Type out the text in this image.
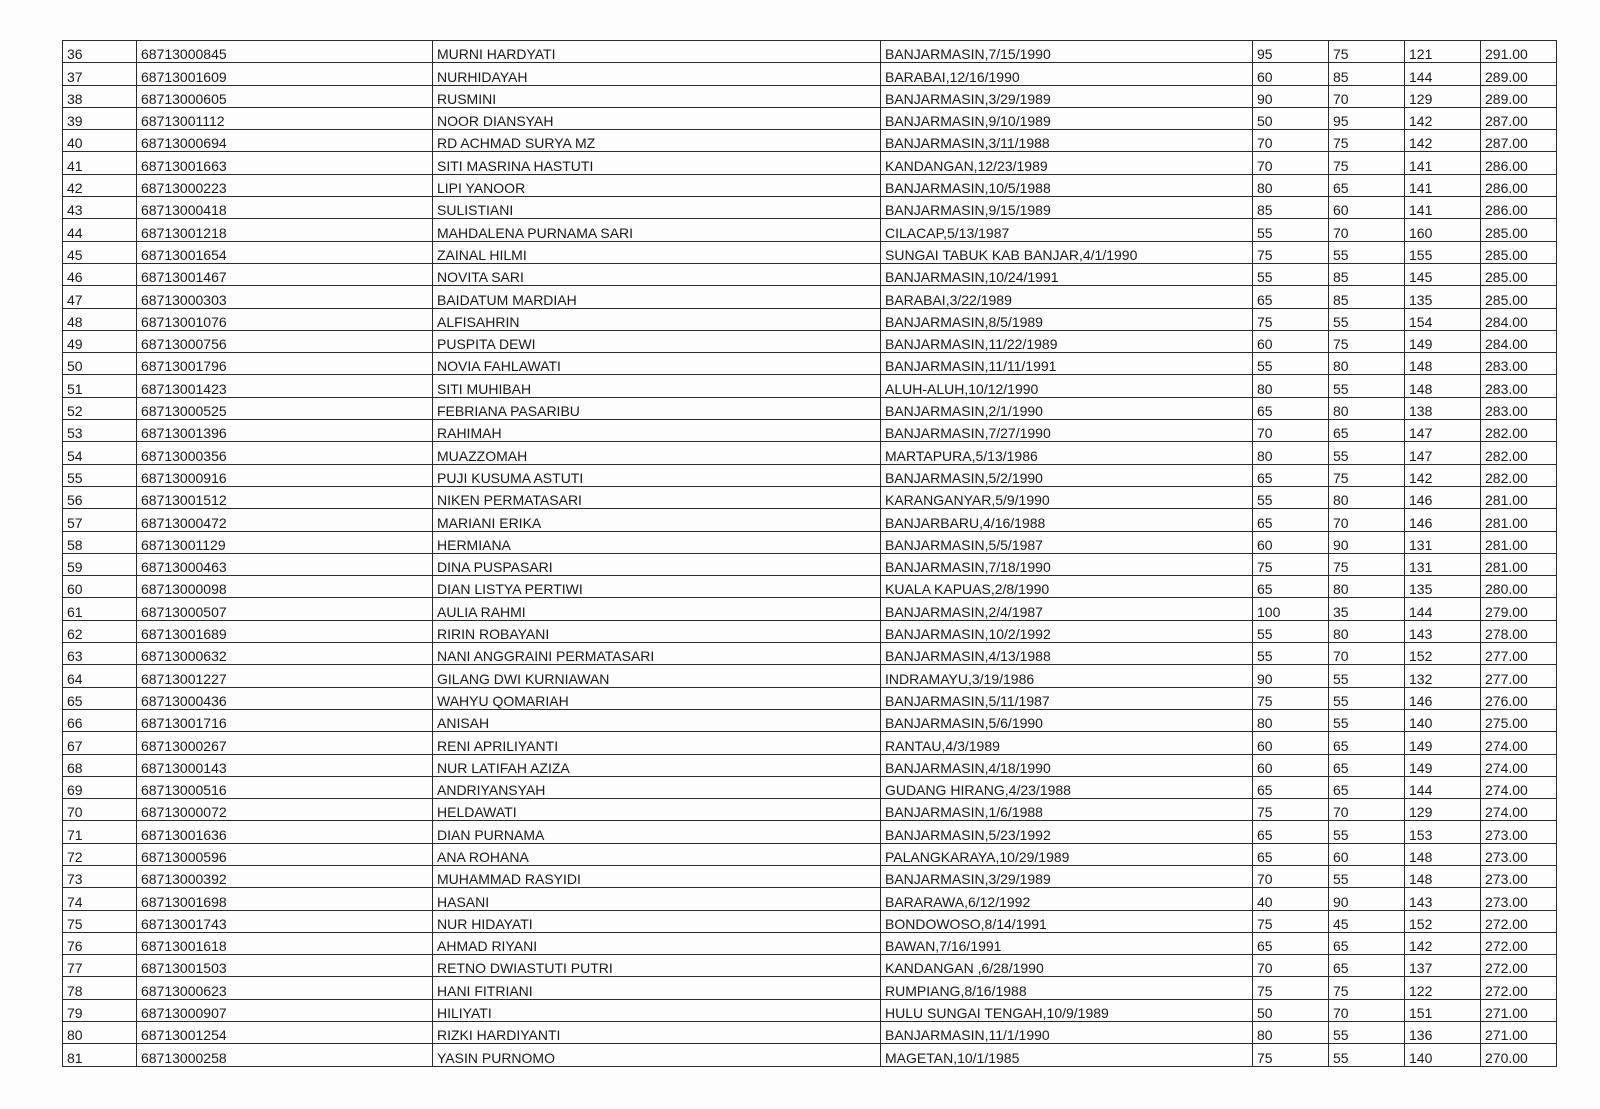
36	68713000845	MURNI HARDYATI	BANJARMASIN,7/15/1990	95	75	121	291.00
37	68713001609	NURHIDAYAH	BARABAI,12/16/1990	60	85	144	289.00
38	68713000605	RUSMINI	BANJARMASIN,3/29/1989	90	70	129	289.00
39	68713001112	NOOR DIANSYAH	BANJARMASIN,9/10/1989	50	95	142	287.00
40	68713000694	RD ACHMAD SURYA MZ	BANJARMASIN,3/11/1988	70	75	142	287.00
41	68713001663	SITI MASRINA HASTUTI	KANDANGAN,12/23/1989	70	75	141	286.00
42	68713000223	LIPI YANOOR	BANJARMASIN,10/5/1988	80	65	141	286.00
43	68713000418	SULISTIANI	BANJARMASIN,9/15/1989	85	60	141	286.00
44	68713001218	MAHDALENA PURNAMA SARI	CILACAP,5/13/1987	55	70	160	285.00
45	68713001654	ZAINAL HILMI	SUNGAI TABUK KAB BANJAR,4/1/1990	75	55	155	285.00
46	68713001467	NOVITA SARI	BANJARMASIN,10/24/1991	55	85	145	285.00
47	68713000303	BAIDATUM MARDIAH	BARABAI,3/22/1989	65	85	135	285.00
48	68713001076	ALFISAHRIN	BANJARMASIN,8/5/1989	75	55	154	284.00
49	68713000756	PUSPITA DEWI	BANJARMASIN,11/22/1989	60	75	149	284.00
50	68713001796	NOVIA FAHLAWATI	BANJARMASIN,11/11/1991	55	80	148	283.00
51	68713001423	SITI MUHIBAH	ALUH-ALUH,10/12/1990	80	55	148	283.00
52	68713000525	FEBRIANA PASARIBU	BANJARMASIN,2/1/1990	65	80	138	283.00
53	68713001396	RAHIMAH	BANJARMASIN,7/27/1990	70	65	147	282.00
54	68713000356	MUAZZOMAH	MARTAPURA,5/13/1986	80	55	147	282.00
55	68713000916	PUJI KUSUMA ASTUTI	BANJARMASIN,5/2/1990	65	75	142	282.00
56	68713001512	NIKEN PERMATASARI	KARANGANYAR,5/9/1990	55	80	146	281.00
57	68713000472	MARIANI ERIKA	BANJARBARU,4/16/1988	65	70	146	281.00
58	68713001129	HERMIANA	BANJARMASIN,5/5/1987	60	90	131	281.00
59	68713000463	DINA PUSPASARI	BANJARMASIN,7/18/1990	75	75	131	281.00
60	68713000098	DIAN LISTYA PERTIWI	KUALA KAPUAS,2/8/1990	65	80	135	280.00
61	68713000507	AULIA RAHMI	BANJARMASIN,2/4/1987	100	35	144	279.00
62	68713001689	RIRIN ROBAYANI	BANJARMASIN,10/2/1992	55	80	143	278.00
63	68713000632	NANI ANGGRAINI PERMATASARI	BANJARMASIN,4/13/1988	55	70	152	277.00
64	68713001227	GILANG DWI KURNIAWAN	INDRAMAYU,3/19/1986	90	55	132	277.00
65	68713000436	WAHYU QOMARIAH	BANJARMASIN,5/11/1987	75	55	146	276.00
66	68713001716	ANISAH	BANJARMASIN,5/6/1990	80	55	140	275.00
67	68713000267	RENI APRILIYANTI	RANTAU,4/3/1989	60	65	149	274.00
68	68713000143	NUR LATIFAH AZIZA	BANJARMASIN,4/18/1990	60	65	149	274.00
69	68713000516	ANDRIYANSYAH	GUDANG HIRANG,4/23/1988	65	65	144	274.00
70	68713000072	HELDAWATI	BANJARMASIN,1/6/1988	75	70	129	274.00
71	68713001636	DIAN PURNAMA	BANJARMASIN,5/23/1992	65	55	153	273.00
72	68713000596	ANA ROHANA	PALANGKARAYA,10/29/1989	65	60	148	273.00
73	68713000392	MUHAMMAD RASYIDI	BANJARMASIN,3/29/1989	70	55	148	273.00
74	68713001698	HASANI	BARARAWA,6/12/1992	40	90	143	273.00
75	68713001743	NUR HIDAYATI	BONDOWOSO,8/14/1991	75	45	152	272.00
76	68713001618	AHMAD RIYANI	BAWAN,7/16/1991	65	65	142	272.00
77	68713001503	RETNO DWIASTUTI PUTRI	KANDANGAN ,6/28/1990	70	65	137	272.00
78	68713000623	HANI FITRIANI	RUMPIANG,8/16/1988	75	75	122	272.00
79	68713000907	HILIYATI	HULU SUNGAI TENGAH,10/9/1989	50	70	151	271.00
80	68713001254	RIZKI HARDIYANTI	BANJARMASIN,11/1/1990	80	55	136	271.00
81	68713000258	YASIN PURNOMO	MAGETAN,10/1/1985	75	55	140	270.00
